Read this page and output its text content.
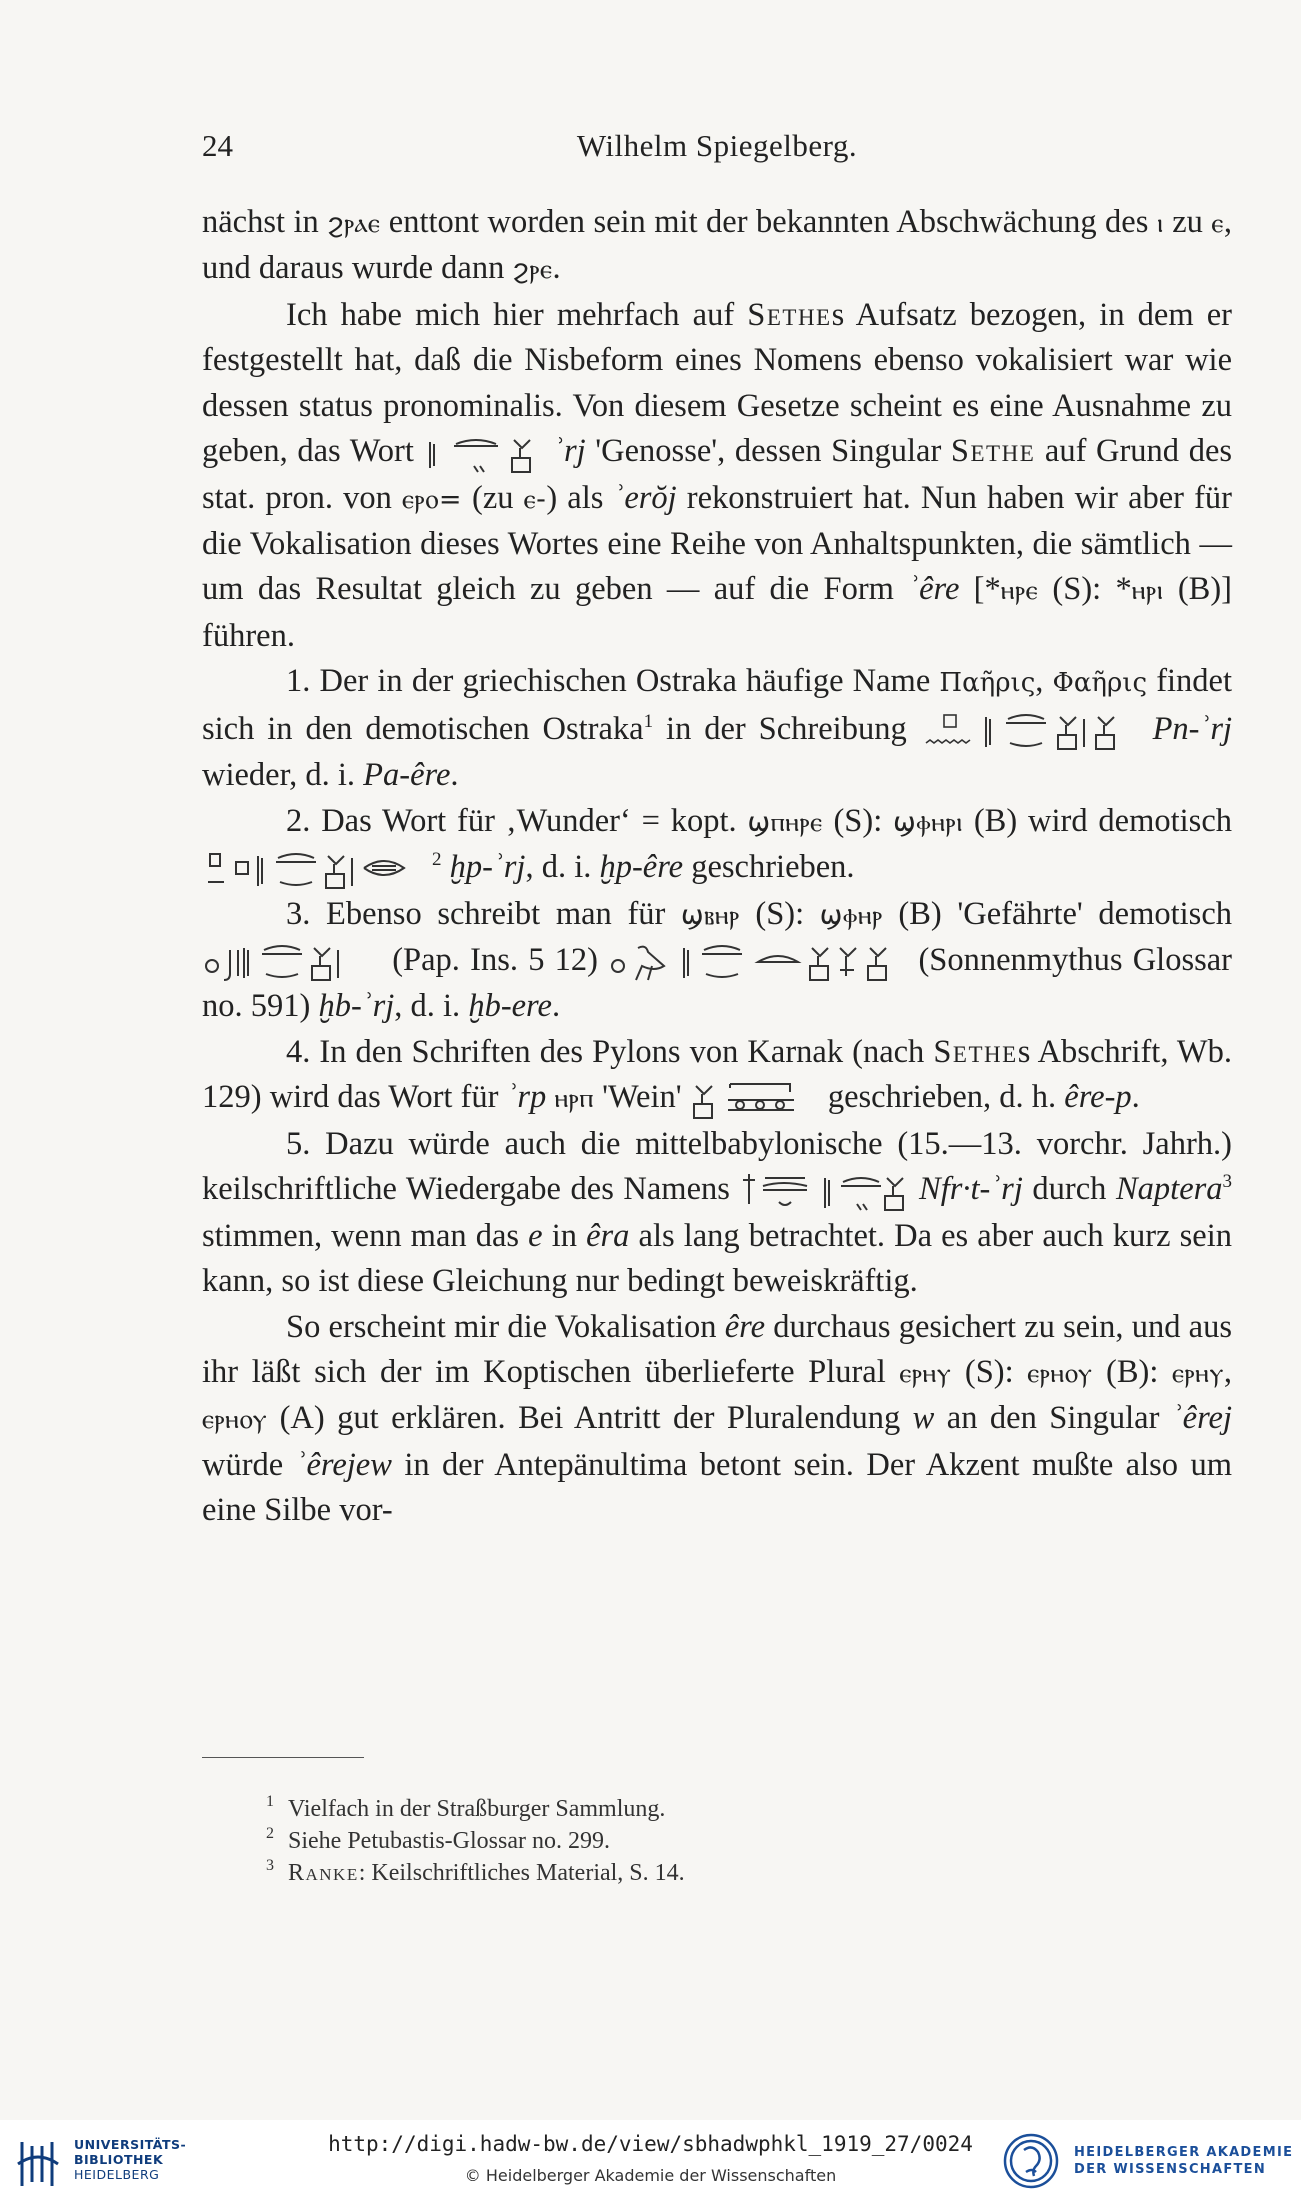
24	Wilhelm Spiegelberg.

nächst in ϩⲣⲁⲉ enttont worden sein mit der bekannten Abschwächung des ⲓ zu ⲉ, und daraus wurde dann ϩⲣⲉ.

Ich habe mich hier mehrfach auf Sethes Aufsatz bezogen, in dem er festgestellt hat, daß die Nisbeform eines Nomens ebenso vokalisiert war wie dessen status pronominalis. Von diesem Gesetze scheint es eine Ausnahme zu geben, das Wort	ʾrj 'Genosse', dessen Singular Sethe auf Grund des stat. pron. von ⲉⲣⲟ= (zu ⲉ-) als ʾerŏj rekonstruiert hat. Nun haben wir aber für die Vokalisation dieses Wortes eine Reihe von Anhaltspunkten, die sämtlich — um das Resultat gleich zu geben — auf die Form ʾêre [*ⲏⲣⲉ (S): *ⲏⲣⲓ (B)] führen.

1. Der in der griechischen Ostraka häufige Name Παῆρις, Φαῆρις findet sich in den demotischen Ostraka$^1$ in der Schreibung	Pn-ʾrj wieder, d. i. Pa-êre.

2. Das Wort für ‚Wunder‘ = kopt. ϣⲡⲏⲣⲉ (S): ϣⲫⲏⲣⲓ (B) wird demotisch
$^2$ ḫp-ʾrj, d. i. ḫp-êre geschrieben.

3. Ebenso schreibt man für ϣⲃⲏⲣ (S): ϣⲫⲏⲣ (B) 'Gefährte' demotisch
(Pap. Ins. 5 12)	(Sonnenmythus Glossar no. 591) ḫb-ʾrj, d. i. ḫb-ere.

4. In den Schriften des Pylons von Karnak (nach Sethes Abschrift, Wb. 129) wird das Wort für ʾrp ⲏⲣⲡ 'Wein'	geschrieben, d. h. êre-p.

5. Dazu würde auch die mittelbabylonische (15.—13. vorchr. Jahrh.) keilschriftliche Wiedergabe des Namens	Nfr·t-ʾrj durch Naptera$^3$ stimmen, wenn man das e in êra als lang betrachtet. Da es aber auch kurz sein kann, so ist diese Gleichung nur bedingt beweiskräftig.

So erscheint mir die Vokalisation êre durchaus gesichert zu sein, und aus ihr läßt sich der im Koptischen überlieferte Plural ⲉⲣⲏⲩ (S): ⲉⲣⲏⲟⲩ (B): ⲉⲣⲏⲩ, ⲉⲣⲏⲟⲩ (A) gut erklären. Bei Antritt der Pluralendung w an den Singular ʾêrej würde ʾêrejew in der Antepänultima betont sein. Der Akzent mußte also um eine Silbe vor-

1 Vielfach in der Straßburger Sammlung.
2 Siehe Petubastis-Glossar no. 299.
3 Ranke: Keilschriftliches Material, S. 14.
UNIVERSITÄTS-
BIBLIOTHEK
HEIDELBERG
http://digi.hadw-bw.de/view/sbhadwphkl_1919_27/0024
© Heidelberger Akademie der Wissenschaften
HEIDELBERGER AKADEMIE
DER WISSENSCHAFTEN
